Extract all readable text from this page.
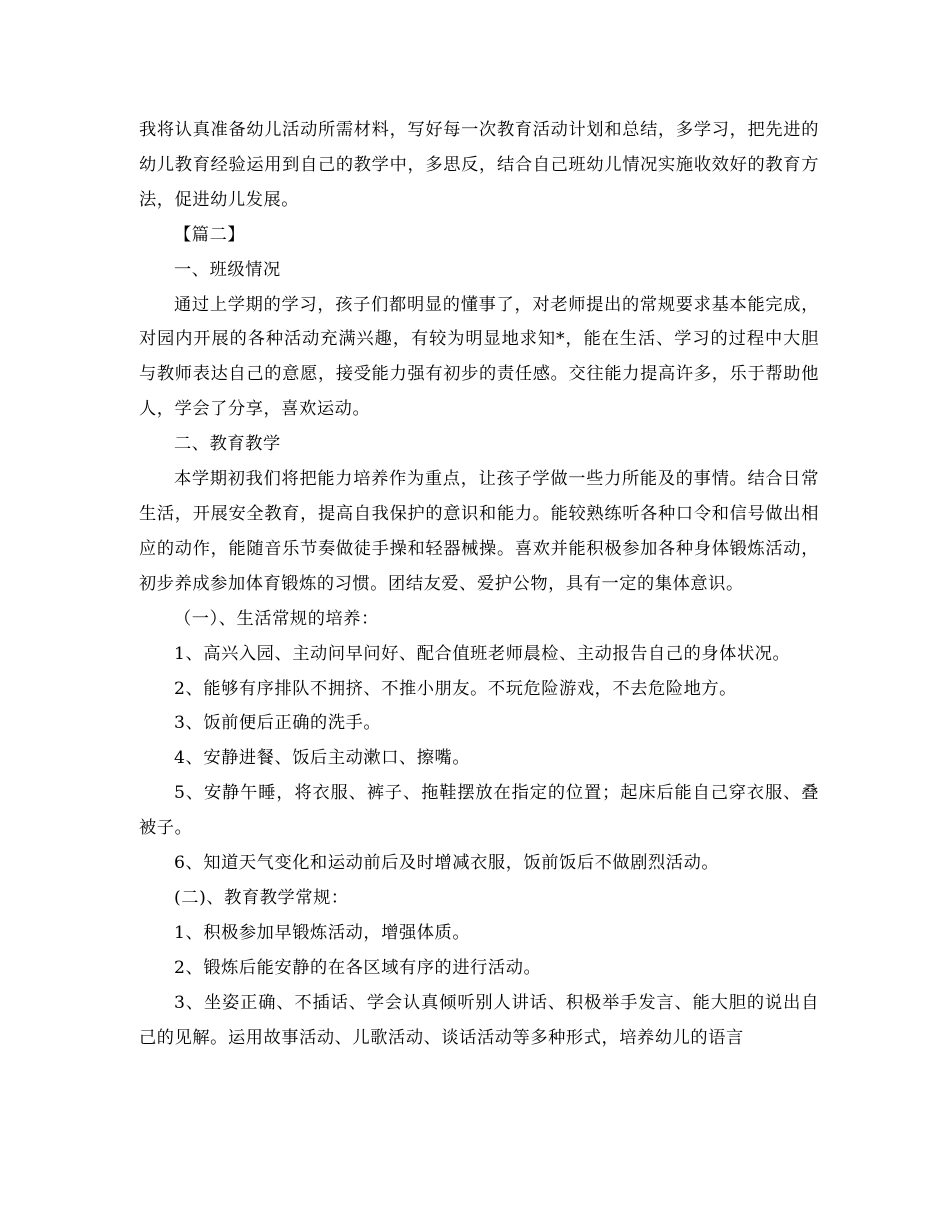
我将认真准备幼儿活动所需材料，写好每一次教育活动计划和总结，多学习，把先进的幼儿教育经验运用到自己的教学中，多思反，结合自己班幼儿情况实施收效好的教育方法，促进幼儿发展。

【篇二】

一、班级情况

通过上学期的学习，孩子们都明显的懂事了，对老师提出的常规要求基本能完成，对园内开展的各种活动充满兴趣，有较为明显地求知*，能在生活、学习的过程中大胆与教师表达自己的意愿，接受能力强有初步的责任感。交往能力提高许多，乐于帮助他人，学会了分享，喜欢运动。

二、教育教学

本学期初我们将把能力培养作为重点，让孩子学做一些力所能及的事情。结合日常生活，开展安全教育，提高自我保护的意识和能力。能较熟练听各种口令和信号做出相应的动作，能随音乐节奏做徒手操和轻器械操。喜欢并能积极参加各种身体锻炼活动，初步养成参加体育锻炼的习惯。团结友爱、爱护公物，具有一定的集体意识。

（一）、生活常规的培养：

1、高兴入园、主动问早问好、配合值班老师晨检、主动报告自己的身体状况。

2、能够有序排队不拥挤、不推小朋友。不玩危险游戏，不去危险地方。

3、饭前便后正确的洗手。

4、安静进餐、饭后主动漱口、擦嘴。

5、安静午睡，将衣服、裤子、拖鞋摆放在指定的位置；起床后能自己穿衣服、叠被子。

6、知道天气变化和运动前后及时增减衣服，饭前饭后不做剧烈活动。

(二)、教育教学常规：

1、积极参加早锻炼活动，增强体质。

2、锻炼后能安静的在各区域有序的进行活动。

3、坐姿正确、不插话、学会认真倾听别人讲话、积极举手发言、能大胆的说出自己的见解。运用故事活动、儿歌活动、谈话活动等多种形式，培养幼儿的语言
